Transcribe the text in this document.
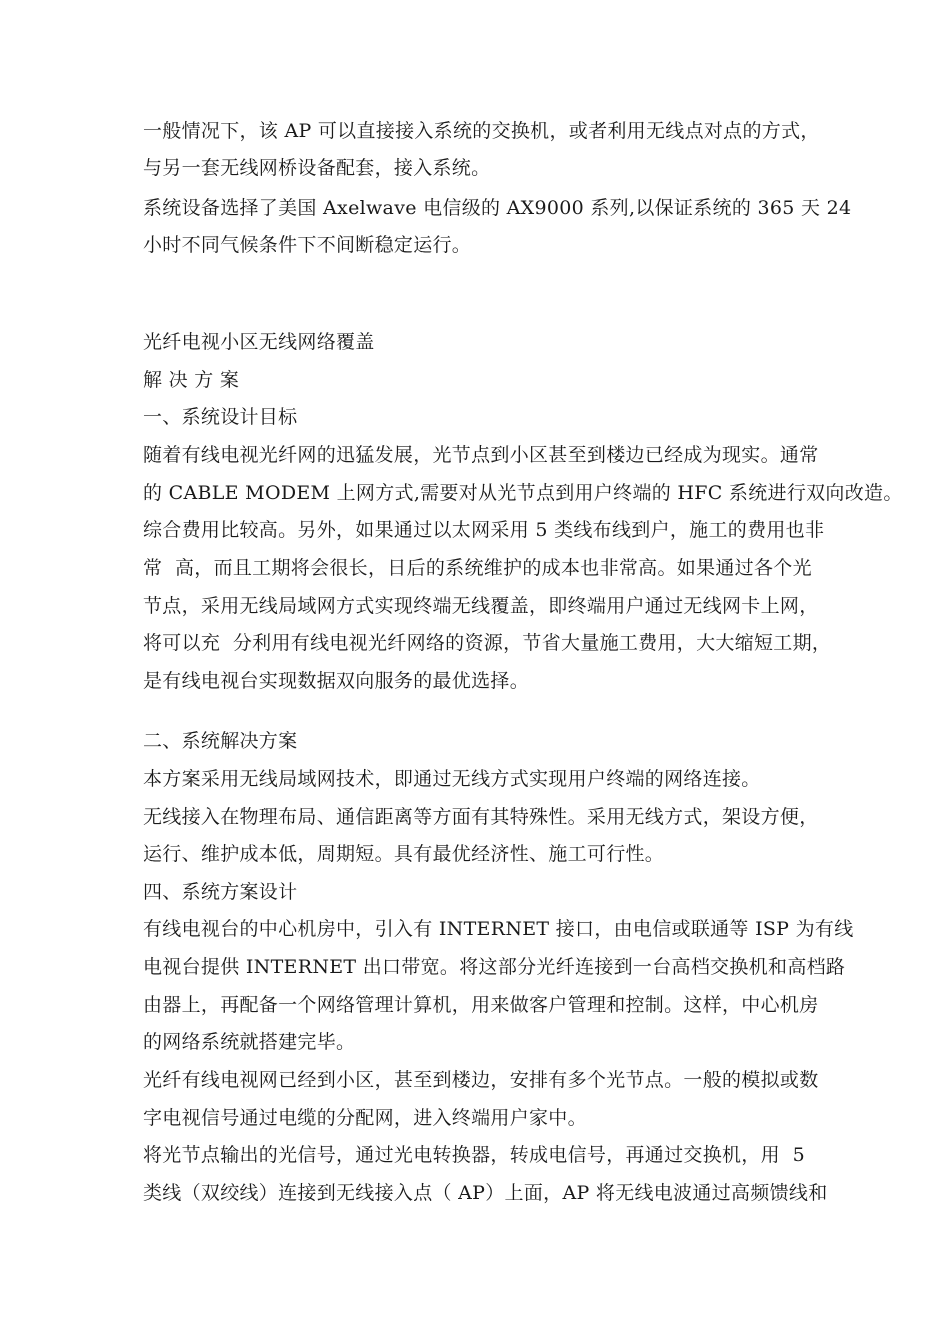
一般情况下，该 AP 可以直接接入系统的交换机，或者利用无线点对点的方式，
与另一套无线网桥设备配套，接入系统。
系统设备选择了美国 Axelwave 电信级的 AX9000 系列,以保证系统的 365 天 24
小时不同气候条件下不间断稳定运行。
光纤电视小区无线网络覆盖
解 决 方 案
一、系统设计目标
随着有线电视光纤网的迅猛发展，光节点到小区甚至到楼边已经成为现实。通常
的 CABLE MODEM 上网方式,需要对从光节点到用户终端的 HFC 系统进行双向改造。
综合费用比较高。另外，如果通过以太网采用 5 类线布线到户，施工的费用也非
常  高，而且工期将会很长，日后的系统维护的成本也非常高。如果通过各个光
节点，采用无线局域网方式实现终端无线覆盖，即终端用户通过无线网卡上网，
将可以充  分利用有线电视光纤网络的资源，节省大量施工费用，大大缩短工期，
是有线电视台实现数据双向服务的最优选择。
二、系统解决方案
本方案采用无线局域网技术，即通过无线方式实现用户终端的网络连接。
无线接入在物理布局、通信距离等方面有其特殊性。采用无线方式，架设方便，
运行、维护成本低，周期短。具有最优经济性、施工可行性。
四、系统方案设计
有线电视台的中心机房中，引入有 INTERNET 接口，由电信或联通等 ISP 为有线
电视台提供 INTERNET 出口带宽。将这部分光纤连接到一台高档交换机和高档路
由器上，再配备一个网络管理计算机，用来做客户管理和控制。这样，中心机房
的网络系统就搭建完毕。
光纤有线电视网已经到小区，甚至到楼边，安排有多个光节点。一般的模拟或数
字电视信号通过电缆的分配网，进入终端用户家中。
将光节点输出的光信号，通过光电转换器，转成电信号，再通过交换机，用  5
类线（双绞线）连接到无线接入点（ AP）上面，AP 将无线电波通过高频馈线和
